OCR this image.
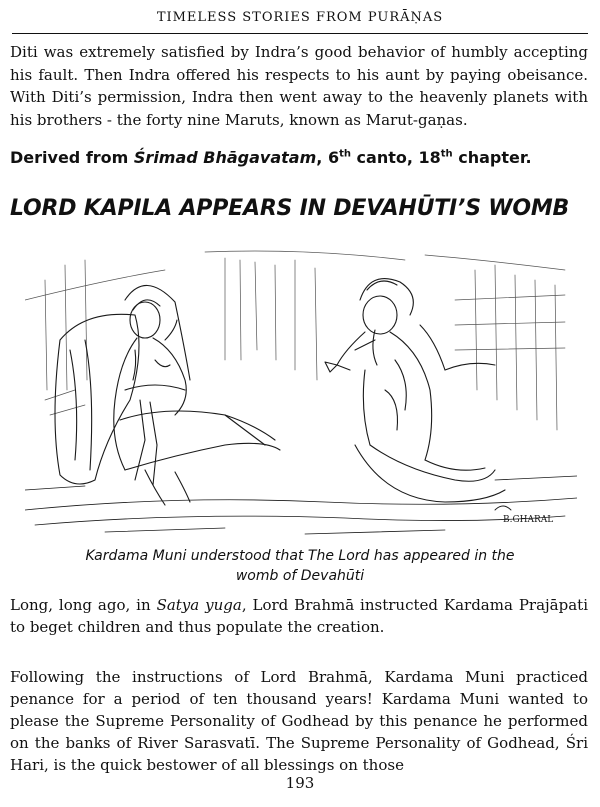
TIMELESS STORIES FROM PURĀṆAS

Diti was extremely satisfied by Indra’s good behavior of humbly accepting his fault. Then Indra offered his respects to his aunt by paying obeisance. With Diti’s permission, Indra then went away to the heavenly planets with his brothers - the forty nine Maruts, known as Marut-gaṇas.

Derived from Śrimad Bhāgavatam, 6th canto, 18th chapter.
LORD KAPILA APPEARS IN DEVAHŪTI’S WOMB
B.GHARAL
Kardama Muni understood that The Lord has appeared in the
womb of Devahūti

Long, long ago, in Satya yuga, Lord Brahmā instructed Kardama Prajāpati to beget children and thus populate the creation.

Following the instructions of Lord Brahmā, Kardama Muni practiced penance for a period of ten thousand years! Kardama Muni wanted to please the Supreme Personality of Godhead by this penance he performed on the banks of River Sarasvatī. The Supreme Personality of Godhead, Śri Hari, is the quick bestower of all blessings on those

193
